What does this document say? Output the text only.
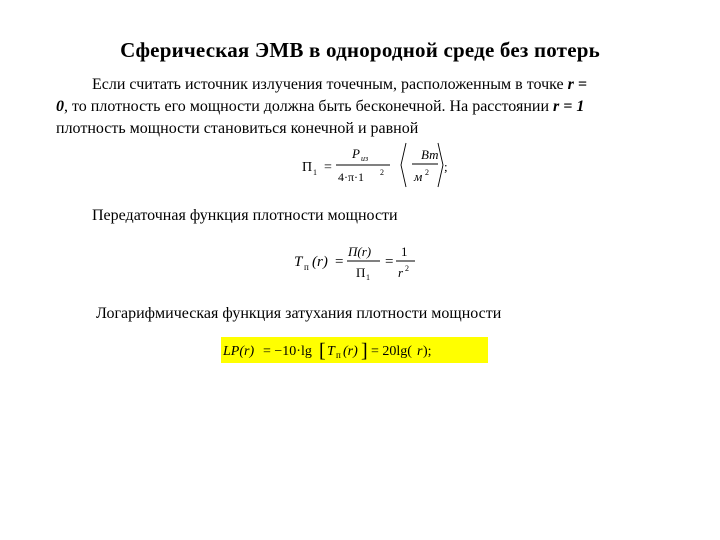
Сферическая ЭМВ в однородной среде без потерь
Если считать источник излучения точечным, расположенным в точке r =
0, то плотность его мощности должна быть бесконечной. На расстоянии r = 1
плотность мощности становиться конечной и равной
П 1 =
P из
4·π·1 2
Вт
м 2 ;
Передаточная функция плотности мощности
T п (r) =
П(r)
П 1
=
1
r 2
Логарифмическая функция затухания плотности мощности
LP(r) = −10·lg [ T п (r) ] = 20lg( r );
